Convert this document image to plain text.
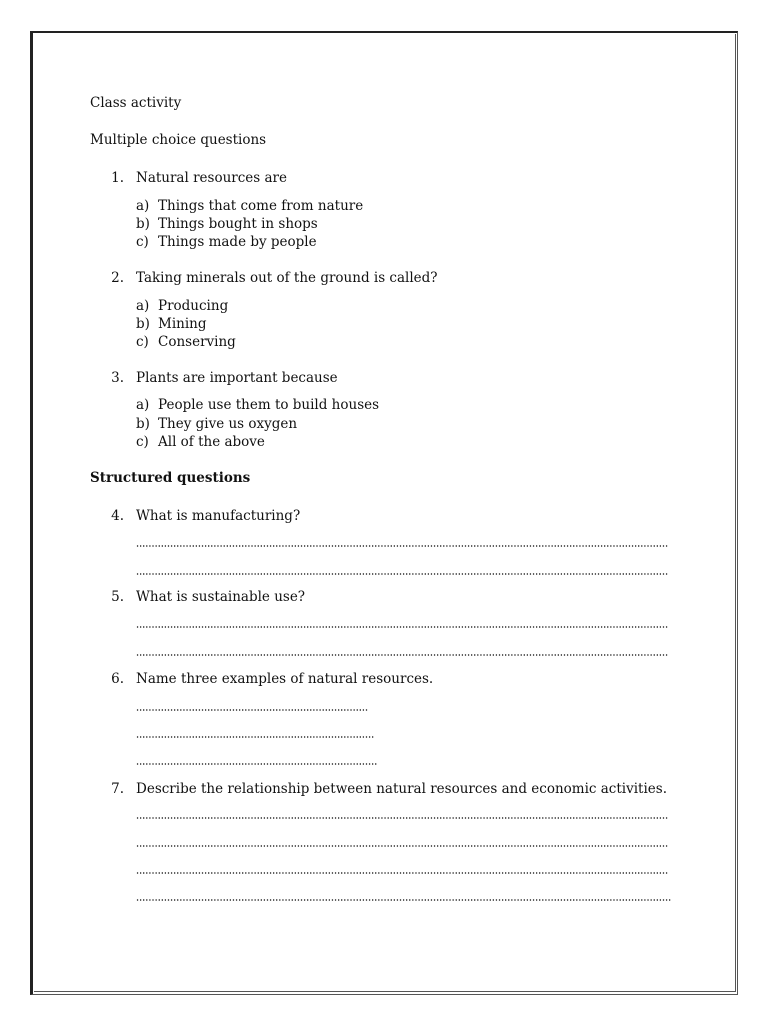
Class activity
Multiple choice questions
1. Natural resources are
a) Things that come from nature
b) Things bought in shops
c) Things made by people
2. Taking minerals out of the ground is called?
a) Producing
b) Mining
c) Conserving
3. Plants are important because
a) People use them to build houses
b) They give us oxygen
c) All of the above
Structured questions
4. What is manufacturing?
5. What is sustainable use?
6. Name three examples of natural resources.
7. Describe the relationship between natural resources and economic activities.
